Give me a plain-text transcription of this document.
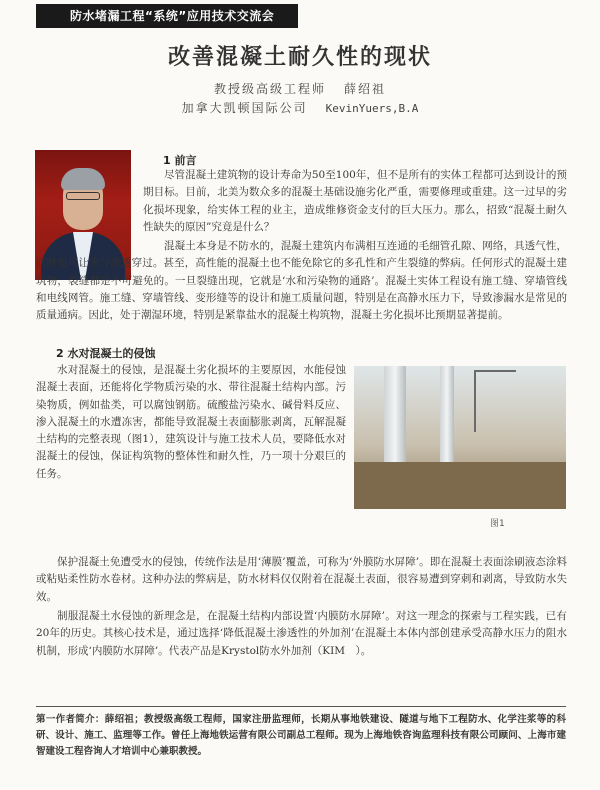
防水堵漏工程“系统”应用技术交流会
改善混凝土耐久性的现状
教授级高级工程师 薛绍祖
加拿大凯顿国际公司 KevinYuers,B.A
1 前言

尽管混凝土建筑物的设计寿命为50至100年，但不是所有的实体工程都可达到设计的预期目标。目前，北美为数众多的混凝土基础设施劣化严重，需要修理或重建。这一过早的劣化损坏现象，给实体工程的业主，造成维修资金支付的巨大压力。那么，招致“混凝土耐久性缺失的原因”究竟是什么？

混凝土本身是不防水的，混凝土建筑内布满相互连通的毛细管孔隙、网络，具透气性，同时也可让水分渗透穿过。甚至，高性能的混凝土也不能免除它的多孔性和产生裂缝的弊病。任何形式的混凝土建筑物，裂缝都是不可避免的。一旦裂缝出现，它就是‘水和污染物的通路’。混凝土实体工程设有施工缝、穿墙管线和电线网管。施工缝、穿墙管线、变形缝等的设计和施工质量问题，特别是在高静水压力下，导致渗漏水是常见的质量通病。因此，处于潮湿环境，特别是紧靠盐水的混凝土构筑物，混凝土劣化损坏比预期显著提前。

2 水对混凝土的侵蚀

水对混凝土的侵蚀，是混凝土劣化损坏的主要原因，水能侵蚀混凝土表面，还能将化学物质污染的水、带往混凝土结构内部。污染物质，例如盐类，可以腐蚀钢筋。硫酸盐污染水、碱骨料反应、渗入混凝土的水遭冻害，都能导致混凝土表面膨胀剥离，瓦解混凝土结构的完整表现（图1），建筑设计与施工技术人员，要降低水对混凝土的侵蚀，保证构筑物的整体性和耐久性，乃一项十分艰巨的任务。

图1

保护混凝土免遭受水的侵蚀，传统作法是用‘薄膜’覆盖，可称为‘外膜防水屏障’。即在混凝土表面涂刷液态涂料或粘贴柔性防水卷材。这种办法的弊病是，防水材料仅仅附着在混凝土表面，很容易遭到穿刺和剥离，导致防水失效。

制服混凝土水侵蚀的新理念是，在混凝土结构内部设置‘内膜防水屏障’。对这一理念的探索与工程实践，已有20年的历史。其核心技术是，通过选择‘降低混凝土渗透性的外加剂’在混凝土本体内部创建承受高静水压力的阻水机制，形成‘内膜防水屏障’。代表产品是Krystol防水外加剂（KIM　）。

第一作者简介：薛绍祖；教授级高级工程师，国家注册监理师，长期从事地铁建设、隧道与地下工程防水、化学注浆等的科研、设计、施工、监理等工作。曾任上海地铁运营有限公司副总工程师。现为上海地铁咨询监理科技有限公司顾问、上海市建智建设工程咨询人才培训中心兼职教授。
